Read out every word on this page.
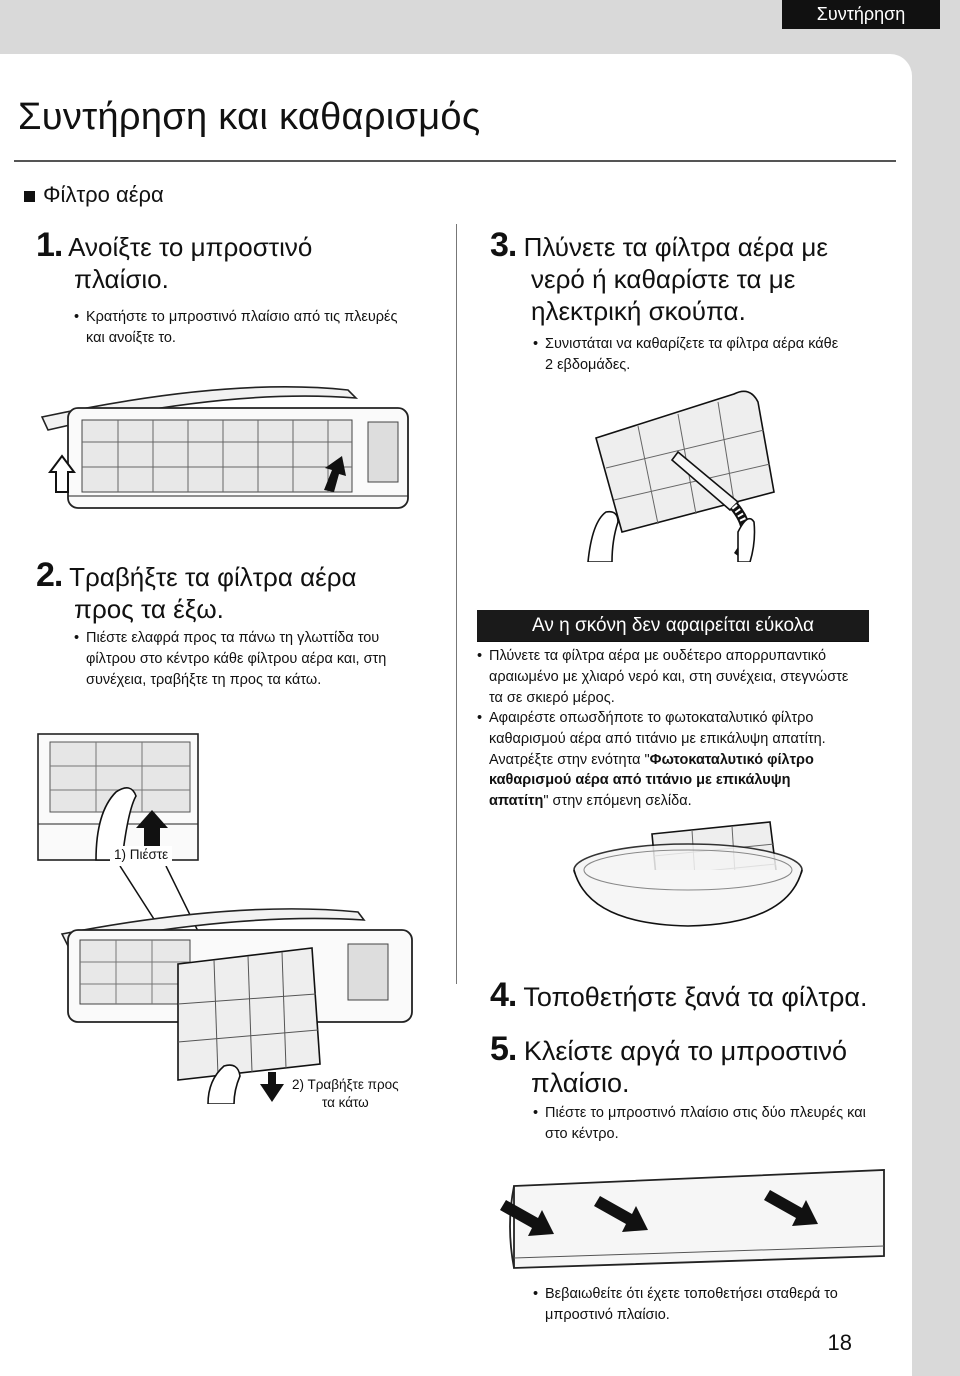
Συντήρηση
Συντήρηση και καθαρισμός
Φίλτρο αέρα
1. Ανοίξτε το μπροστινό
πλαίσιο.
• Κρατήστε το μπροστινό πλαίσιο από τις πλευρές
και ανοίξτε το.
2. Τραβήξτε τα φίλτρα αέρα
προς τα έξω.
• Πιέστε ελαφρά προς τα πάνω τη γλωττίδα του
φίλτρου στο κέντρο κάθε φίλτρου αέρα και, στη
συνέχεια, τραβήξτε τη προς τα κάτω.
1) Πιέστε
2) Τραβήξτε προς
τα κάτω
3. Πλύνετε τα φίλτρα αέρα με
νερό ή καθαρίστε τα με
ηλεκτρική σκούπα.
• Συνιστάται να καθαρίζετε τα φίλτρα αέρα κάθε
2 εβδομάδες.
Αν η σκόνη δεν αφαιρείται εύκολα
• Πλύνετε τα φίλτρα αέρα με ουδέτερο απορρυπαντικό
αραιωμένο με χλιαρό νερό και, στη συνέχεια, στεγνώστε
τα σε σκιερό μέρος.
• Αφαιρέστε οπωσδήποτε το φωτοκαταλυτικό φίλτρο
καθαρισμού αέρα από τιτάνιο με επικάλυψη απατίτη.
Ανατρέξτε στην ενότητα "Φωτοκαταλυτικό φίλτρο
καθαρισμού αέρα από τιτάνιο με επικάλυψη
απατίτη" στην επόμενη σελίδα.
4. Τοποθετήστε ξανά τα φίλτρα.
5. Κλείστε αργά το μπροστινό
πλαίσιο.
• Πιέστε το μπροστινό πλαίσιο στις δύο πλευρές και
στο κέντρο.
• Βεβαιωθείτε ότι έχετε τοποθετήσει σταθερά το
μπροστινό πλαίσιο.
18
